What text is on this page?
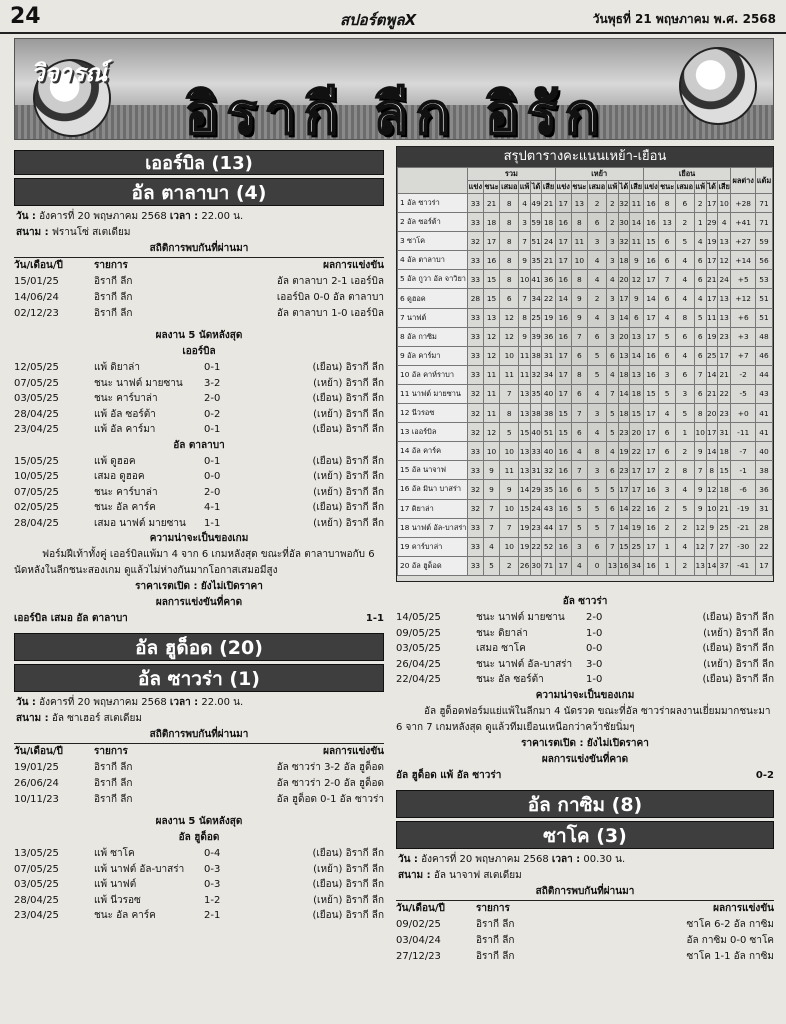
24	สปอร์ตพูลX	วันพุธที่ 21 พฤษภาคม พ.ศ. 2568
วิจารณ์
อิรากี ลีก อิรัก
เออร์บิล (13)
อัล ตาลาบา (4)
วัน : อังคารที่ 20 พฤษภาคม 2568 เวลา : 22.00 น.
สนาม : ฟรานโซ่ สเตเดียม
สถิติการพบกันที่ผ่านมา
วัน/เดือน/ปี	รายการ	ผลการแข่งขัน
15/01/25	อิรากี ลีก	อัล ตาลาบา 2-1 เออร์บิล
14/06/24	อิรากี ลีก	เออร์บิล 0-0 อัล ตาลาบา
02/12/23	อิรากี ลีก	อัล ตาลาบา 1-0 เออร์บิล
ผลงาน 5 นัดหลังสุด
เออร์บิล
12/05/25	แพ้ ดิยาล่า	0-1	(เยือน) อิรากี ลีก
07/05/25	ชนะ นาฟต์ มายซาน	3-2	(เหย้า) อิรากี ลีก
03/05/25	ชนะ คาร์บาล่า	2-0	(เยือน) อิรากี ลีก
28/04/25	แพ้ อัล ซอร์ต้า	0-2	(เหย้า) อิรากี ลีก
23/04/25	แพ้ อัล คาร์มา	0-1	(เยือน) อิรากี ลีก
อัล ตาลาบา
15/05/25	แพ้ ดูฮอค	0-1	(เยือน) อิรากี ลีก
10/05/25	เสมอ ดูฮอค	0-0	(เหย้า) อิรากี ลีก
07/05/25	ชนะ คาร์บาล่า	2-0	(เหย้า) อิรากี ลีก
02/05/25	ชนะ อัล คาร์ค	4-1	(เยือน) อิรากี ลีก
28/04/25	เสมอ นาฟต์ มายซาน	1-1	(เหย้า) อิรากี ลีก
ความน่าจะเป็นของเกม
ฟอร์มฝีเท้าทั้งคู่ เออร์บิลแพ้มา 4 จาก 6 เกมหลังสุด ขณะที่อัล ตาลาบาพอกับ 6 นัดหลังในลีกชนะสองเกม ดูแล้วไม่ห่างกันมากโอกาสเสมอมีสูง
ราคาเรตเปิด : ยังไม่เปิดราคา
ผลการแข่งขันที่คาด
เออร์บิล เสมอ อัล ตาลาบา	1-1
อัล ฮูด็อด (20)
อัล ซาวร่า (1)
วัน : อังคารที่ 20 พฤษภาคม 2568 เวลา : 22.00 น.
สนาม : อัล ซาเฮอร์ สเตเดียม
สถิติการพบกันที่ผ่านมา
วัน/เดือน/ปี	รายการ	ผลการแข่งขัน
19/01/25	อิรากี ลีก	อัล ซาวร่า 3-2 อัล ฮูด็อด
26/06/24	อิรากี ลีก	อัล ซาวร่า 2-0 อัล ฮูด็อด
10/11/23	อิรากี ลีก	อัล ฮูด็อด 0-1 อัล ซาวร่า
ผลงาน 5 นัดหลังสุด
อัล ฮูด็อด
13/05/25	แพ้ ซาโค	0-4	(เยือน) อิรากี ลีก
07/05/25	แพ้ นาฟต์ อัล-บาสร่า	0-3	(เหย้า) อิรากี ลีก
03/05/25	แพ้ นาฟต์	0-3	(เยือน) อิรากี ลีก
28/04/25	แพ้ นีวรอซ	1-2	(เหย้า) อิรากี ลีก
23/04/25	ชนะ อัล คาร์ค	2-1	(เยือน) อิรากี ลีก
สรุปตารางคะแนนเหย้า-เยือน
	รวม						เหย้า						เยือน						ผลต่าง	แต้ม
	แข่ง	ชนะ	เสมอ	แพ้	ได้	เสีย	แข่ง	ชนะ	เสมอ	แพ้	ได้	เสีย	แข่ง	ชนะ	เสมอ	แพ้	ได้	เสีย		
1 อัล ซาวร่า	33	21	8	4	49	21	17	13	2	2	32	11	16	8	6	2	17	10	+28	71
2 อัล ซอร์ต้า	33	18	8	3	59	18	16	8	6	2	30	14	16	13	2	1	29	4	+41	71
3 ซาโค	32	17	8	7	51	24	17	11	3	3	32	11	15	6	5	4	19	13	+27	59
4 อัล ตาลาบา	33	16	8	9	35	21	17	10	4	3	18	9	16	6	4	6	17	12	+14	56
5 อัล กูวา อัล จาวิยา	33	15	8	10	41	36	16	8	4	4	20	12	17	7	4	6	21	24	+5	53
6 ดูฮอค	28	15	6	7	34	22	14	9	2	3	17	9	14	6	4	4	17	13	+12	51
7 นาฟต์	33	13	12	8	25	19	16	9	4	3	14	6	17	4	8	5	11	13	+6	51
8 อัล กาซิม	33	12	12	9	39	36	16	7	6	3	20	13	17	5	6	6	19	23	+3	48
9 อัล คาร์มา	33	12	10	11	38	31	17	6	5	6	13	14	16	6	4	6	25	17	+7	46
10 อัล คาห์ราบา	33	11	11	11	32	34	17	8	5	4	18	13	16	3	6	7	14	21	-2	44
11 นาฟต์ มายซาน	32	11	7	13	35	40	17	6	4	7	14	18	15	5	3	6	21	22	-5	43
12 นีวรอซ	32	11	8	13	38	38	15	7	3	5	18	15	17	4	5	8	20	23	+0	41
13 เออร์บิล	32	12	5	15	40	51	15	6	4	5	23	20	17	6	1	10	17	31	-11	41
14 อัล คาร์ค	33	10	10	13	33	40	16	4	8	4	19	22	17	6	2	9	14	18	-7	40
15 อัล นาจาฟ	33	9	11	13	31	32	16	7	3	6	23	17	17	2	8	7	8	15	-1	38
16 อัล มินา บาสร่า	32	9	9	14	29	35	16	6	5	5	17	17	16	3	4	9	12	18	-6	36
17 ดิยาล่า	32	7	10	15	24	43	16	5	5	6	14	22	16	2	5	9	10	21	-19	31
18 นาฟต์ อัล-บาสร่า	33	7	7	19	23	44	17	5	5	7	14	19	16	2	2	12	9	25	-21	28
19 คาร์บาล่า	33	4	10	19	22	52	16	3	6	7	15	25	17	1	4	12	7	27	-30	22
20 อัล ฮูด็อด	33	5	2	26	30	71	17	4	0	13	16	34	16	1	2	13	14	37	-41	17
อัล ซาวร่า
14/05/25	ชนะ นาฟต์ มายซาน	2-0	(เยือน) อิรากี ลีก
09/05/25	ชนะ ดิยาล่า	1-0	(เหย้า) อิรากี ลีก
03/05/25	เสมอ ซาโค	0-0	(เยือน) อิรากี ลีก
26/04/25	ชนะ นาฟต์ อัล-บาสร่า	3-0	(เหย้า) อิรากี ลีก
22/04/25	ชนะ อัล ซอร์ต้า	1-0	(เยือน) อิรากี ลีก
ความน่าจะเป็นของเกม
อัล ฮูด็อดฟอร์มแย่แพ้ในลีกมา 4 นัดรวด ขณะที่อัล ซาวร่าผลงานเยี่ยมมากชนะมา 6 จาก 7 เกมหลังสุด ดูแล้วทีมเยือนเหนือกว่าคว้าชัยนิ่มๆ
ราคาเรตเปิด : ยังไม่เปิดราคา
ผลการแข่งขันที่คาด
อัล ฮูด็อด แพ้ อัล ซาวร่า	0-2
อัล กาซิม (8)
ซาโค (3)
วัน : อังคารที่ 20 พฤษภาคม 2568 เวลา : 00.30 น.
สนาม : อัล นาจาฟ สเตเดียม
สถิติการพบกันที่ผ่านมา
วัน/เดือน/ปี	รายการ	ผลการแข่งขัน
09/02/25	อิรากี ลีก	ซาโค 6-2 อัล กาซิม
03/04/24	อิรากี ลีก	อัล กาซิม 0-0 ซาโค
27/12/23	อิรากี ลีก	ซาโค 1-1 อัล กาซิม
